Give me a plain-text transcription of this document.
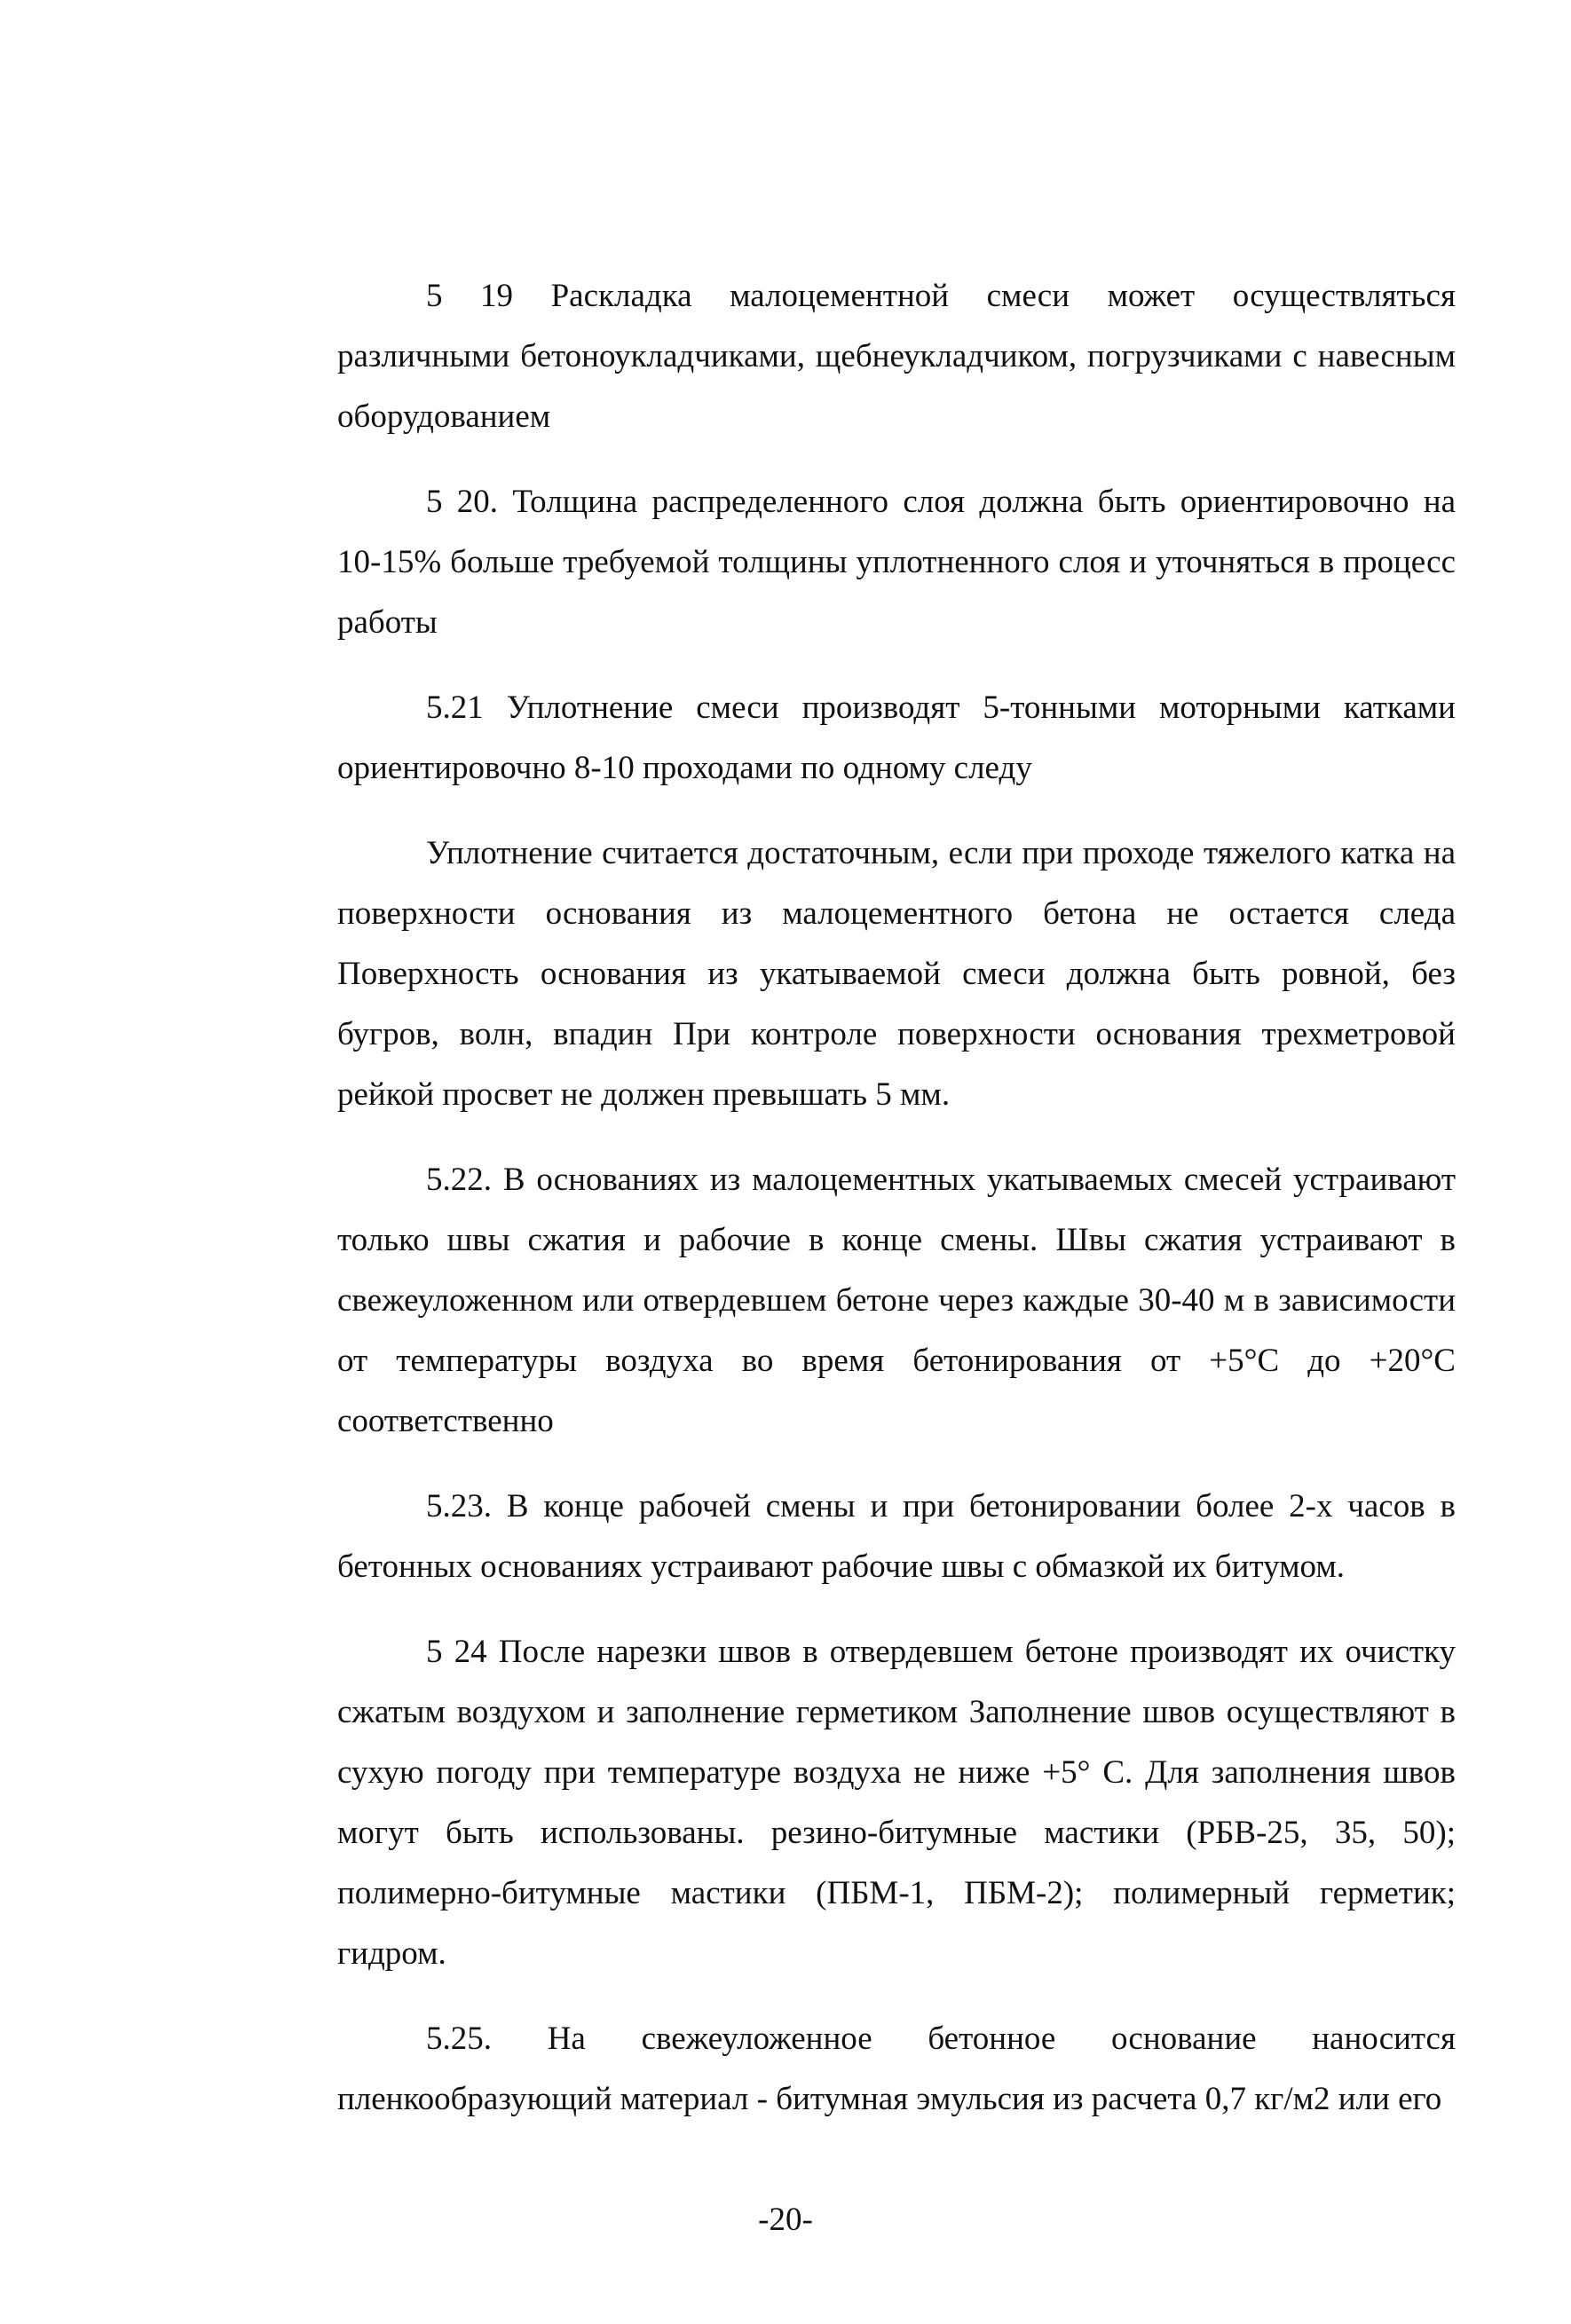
5 19 Раскладка малоцементной смеси может осуществляться различными бетоноукладчиками, щебнеукладчиком, погрузчиками с навесным оборудованием

5 20. Толщина распределенного слоя должна быть ориентировочно на 10-15% больше требуемой толщины уплотненного слоя и уточняться в процесс работы

5.21 Уплотнение смеси производят 5-тонными моторными катками ориентировочно 8-10 проходами по одному следу

Уплотнение считается достаточным, если при проходе тяжелого катка на поверхности основания из малоцементного бетона не остается следа Поверхность основания из укатываемой смеси должна быть ровной, без бугров, волн, впадин При контроле поверхности основания трехметровой рейкой просвет не должен превышать 5 мм.

5.22. В основаниях из малоцементных укатываемых смесей устраивают только швы сжатия и рабочие в конце смены. Швы сжатия устраивают в свежеуложенном или отвердевшем бетоне через каждые 30-40 м в зависимости от температуры воздуха во время бетонирования от +5°С до +20°С соответственно

5.23. В конце рабочей смены и при бетонировании более 2-х часов в бетонных основаниях устраивают рабочие швы с обмазкой их битумом.

5 24 После нарезки швов в отвердевшем бетоне производят их очистку сжатым воздухом и заполнение герметиком Заполнение швов осуществляют в сухую погоду при температуре воздуха не ниже +5° С. Для заполнения швов могут быть использованы. резино-битумные мастики (РБВ-25, 35, 50); полимерно-битумные мастики (ПБМ-1, ПБМ-2); полимерный герметик; гидром.

5.25. На свежеуложенное бетонное основание наносится пленкообразующий материал - битумная эмульсия из расчета 0,7 кг/м2 или его

-20-
